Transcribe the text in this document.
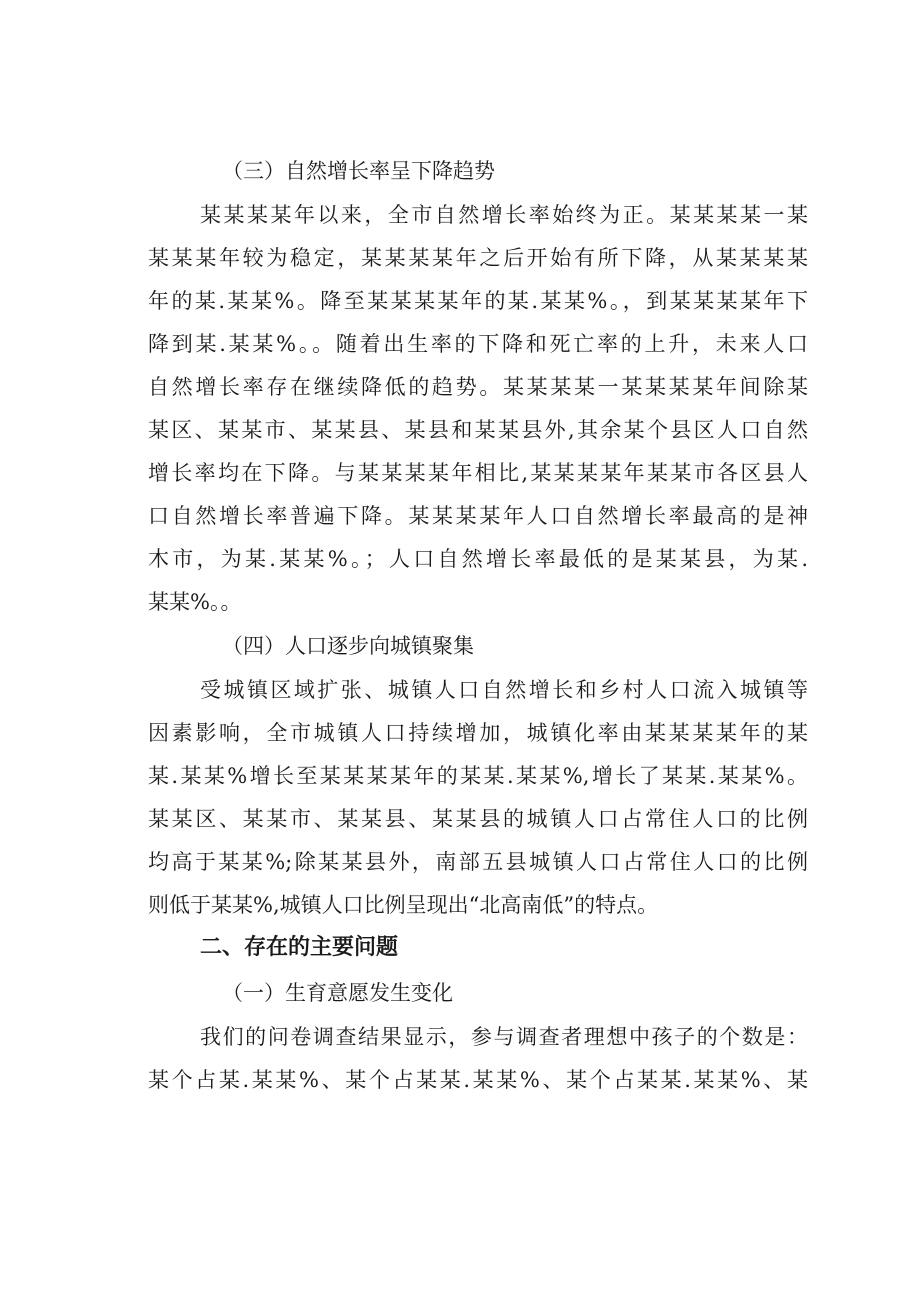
（三）自然增长率呈下降趋势
某某某某年以来，全市自然增长率始终为正。某某某某一某
某某某年较为稳定，某某某某年之后开始有所下降，从某某某某
年的某.某某%。降至某某某某年的某.某某%。，到某某某某年下
降到某.某某%。。随着出生率的下降和死亡率的上升，未来人口
自然增长率存在继续降低的趋势。某某某某一某某某某年间除某
某区、某某市、某某县、某县和某某县外,其余某个县区人口自然
增长率均在下降。与某某某某年相比,某某某某年某某市各区县人
口自然增长率普遍下降。某某某某年人口自然增长率最高的是神
木市，为某.某某%。；人口自然增长率最低的是某某县，为某.
某某%。。
（四）人口逐步向城镇聚集
受城镇区域扩张、城镇人口自然增长和乡村人口流入城镇等
因素影响，全市城镇人口持续增加，城镇化率由某某某某年的某
某.某某%增长至某某某某年的某某.某某%,增长了某某.某某%。
某某区、某某市、某某县、某某县的城镇人口占常住人口的比例
均高于某某%;除某某县外，南部五县城镇人口占常住人口的比例
则低于某某%,城镇人口比例呈现出“北高南低”的特点。
二、存在的主要问题
（一）生育意愿发生变化
我们的问卷调查结果显示，参与调查者理想中孩子的个数是：
某个占某.某某%、某个占某某.某某%、某个占某某.某某%、某
